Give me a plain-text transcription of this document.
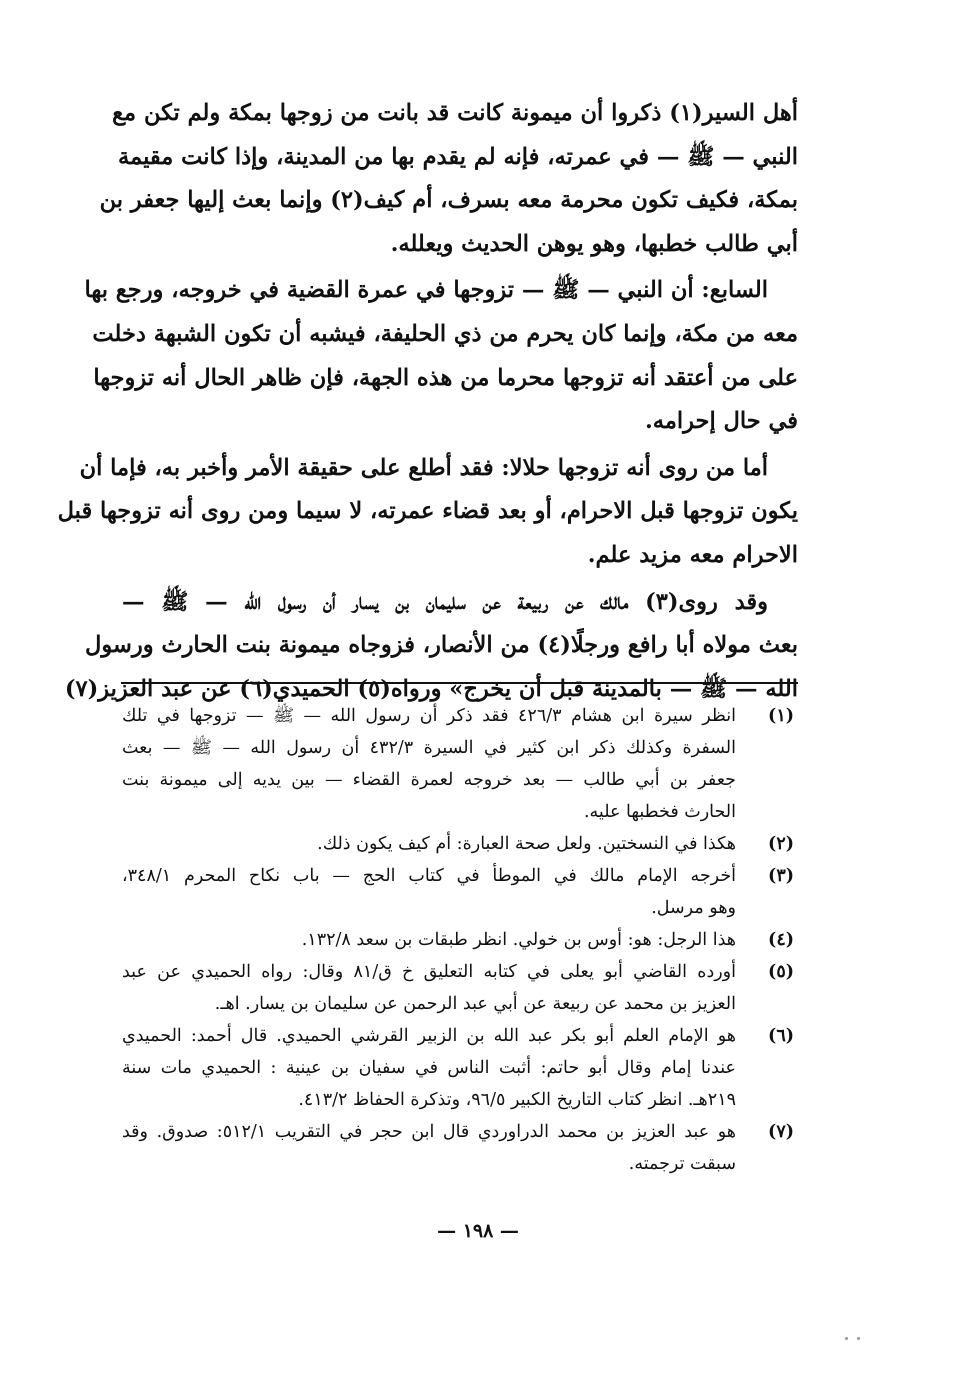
أهل السير(١) ذكروا أن ميمونة كانت قد بانت من زوجها بمكة ولم تكن مع
النبي — ﷺ — في عمرته، فإنه لم يقدم بها من المدينة، وإذا كانت مقيمة
بمكة، فكيف تكون محرمة معه بسرف، أم كيف(٢) وإنما بعث إليها جعفر بن
أبي طالب خطبها، وهو يوهن الحديث ويعلله.
السابع: أن النبي — ﷺ — تزوجها في عمرة القضية في خروجه، ورجع بها
معه من مكة، وإنما كان يحرم من ذي الحليفة، فيشبه أن تكون الشبهة دخلت
على من أعتقد أنه تزوجها محرما من هذه الجهة، فإن ظاهر الحال أنه تزوجها
في حال إحرامه.
أما من روى أنه تزوجها حلالا: فقد أطلع على حقيقة الأمر وأخبر به، فإما أن
يكون تزوجها قبل الاحرام، أو بعد قضاء عمرته، لا سيما ومن روى أنه تزوجها قبل
الاحرام معه مزيد علم.
وقد روى(٣) مالك عن ربيعة عن سليمان بن يسار أن رسول الله — ﷺ —
بعث مولاه أبا رافع ورجلًا(٤) من الأنصار، فزوجاه ميمونة بنت الحارث ورسول
الله — ﷺ — بالمدينة قبل أن يخرج» ورواه(٥) الحميدي(٦) عن عبد العزيز(٧)
(١)
انظر سيرة ابن هشام ٤٢٦/٣ فقد ذكر أن رسول الله — ﷺ — تزوجها في تلك
السفرة وكذلك ذكر ابن كثير في السيرة ٤٣٢/٣ أن رسول الله — ﷺ — بعث
جعفر بن أبي طالب — بعد خروجه لعمرة القضاء — بين يديه إلى ميمونة بنت
الحارث فخطبها عليه.
(٢)
هكذا في النسختين. ولعل صحة العبارة: أم كيف يكون ذلك.
(٣)
أخرجه الإمام مالك في الموطأ في كتاب الحج — باب نكاح المحرم ٣٤٨/١،
وهو مرسل.
(٤)
هذا الرجل: هو: أوس بن خولي. انظر طبقات بن سعد ١٣٢/٨.
(٥)
أورده القاضي أبو يعلى في كتابه التعليق خ ق/٨١ وقال: رواه الحميدي عن عبد
العزيز بن محمد عن ربيعة عن أبي عبد الرحمن عن سليمان بن يسار. اهـ.
(٦)
هو الإمام العلم أبو بكر عبد الله بن الزبير القرشي الحميدي. قال أحمد: الحميدي
عندنا إمام وقال أبو حاتم: أثبت الناس في سفيان بن عينية : الحميدي مات سنة
٢١٩هـ. انظر كتاب التاريخ الكبير ٩٦/٥، وتذكرة الحفاظ ٤١٣/٢.
(٧)
هو عبد العزيز بن محمد الدراوردي قال ابن حجر في التقريب ٥١٢/١: صدوق. وقد
سبقت ترجمته.
— ١٩٨ —
